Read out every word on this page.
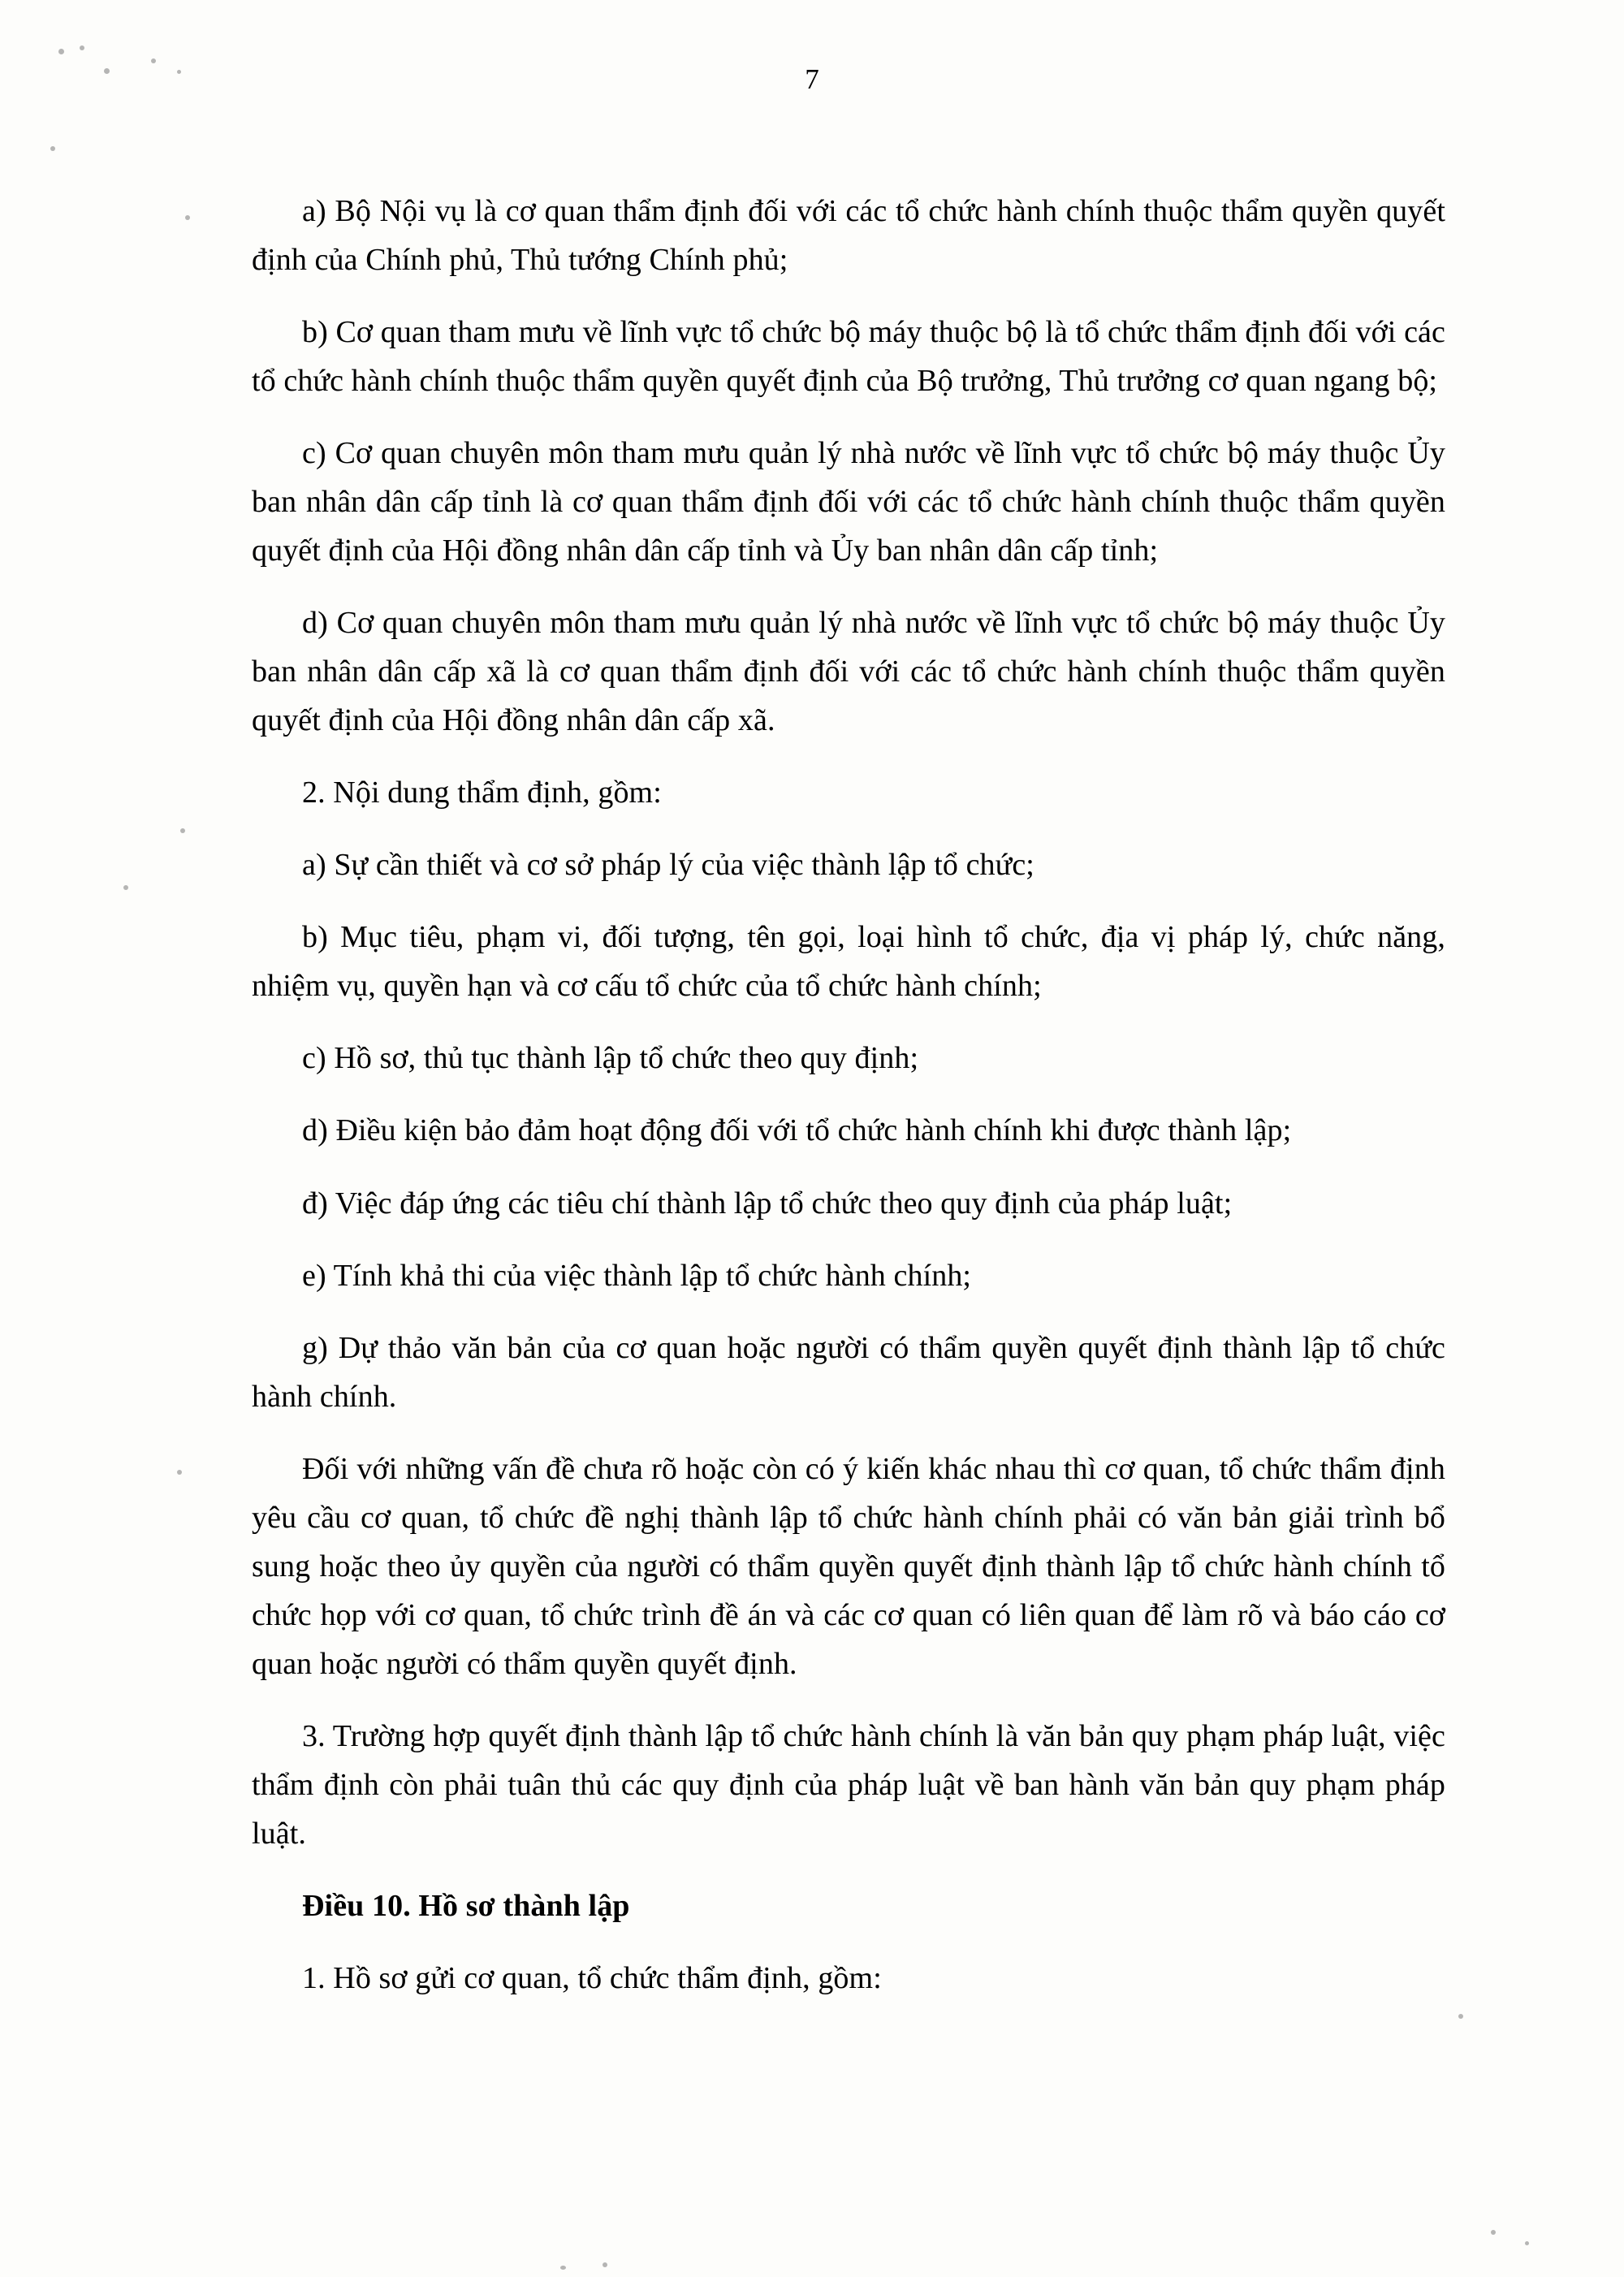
7

a) Bộ Nội vụ là cơ quan thẩm định đối với các tổ chức hành chính thuộc thẩm quyền quyết định của Chính phủ, Thủ tướng Chính phủ;

b) Cơ quan tham mưu về lĩnh vực tổ chức bộ máy thuộc bộ là tổ chức thẩm định đối với các tổ chức hành chính thuộc thẩm quyền quyết định của Bộ trưởng, Thủ trưởng cơ quan ngang bộ;

c) Cơ quan chuyên môn tham mưu quản lý nhà nước về lĩnh vực tổ chức bộ máy thuộc Ủy ban nhân dân cấp tỉnh là cơ quan thẩm định đối với các tổ chức hành chính thuộc thẩm quyền quyết định của Hội đồng nhân dân cấp tỉnh và Ủy ban nhân dân cấp tỉnh;

d) Cơ quan chuyên môn tham mưu quản lý nhà nước về lĩnh vực tổ chức bộ máy thuộc Ủy ban nhân dân cấp xã là cơ quan thẩm định đối với các tổ chức hành chính thuộc thẩm quyền quyết định của Hội đồng nhân dân cấp xã.

2. Nội dung thẩm định, gồm:

a) Sự cần thiết và cơ sở pháp lý của việc thành lập tổ chức;

b) Mục tiêu, phạm vi, đối tượng, tên gọi, loại hình tổ chức, địa vị pháp lý, chức năng, nhiệm vụ, quyền hạn và cơ cấu tổ chức của tổ chức hành chính;

c) Hồ sơ, thủ tục thành lập tổ chức theo quy định;

d) Điều kiện bảo đảm hoạt động đối với tổ chức hành chính khi được thành lập;

đ) Việc đáp ứng các tiêu chí thành lập tổ chức theo quy định của pháp luật;

e) Tính khả thi của việc thành lập tổ chức hành chính;

g) Dự thảo văn bản của cơ quan hoặc người có thẩm quyền quyết định thành lập tổ chức hành chính.

Đối với những vấn đề chưa rõ hoặc còn có ý kiến khác nhau thì cơ quan, tổ chức thẩm định yêu cầu cơ quan, tổ chức đề nghị thành lập tổ chức hành chính phải có văn bản giải trình bổ sung hoặc theo ủy quyền của người có thẩm quyền quyết định thành lập tổ chức hành chính tổ chức họp với cơ quan, tổ chức trình đề án và các cơ quan có liên quan để làm rõ và báo cáo cơ quan hoặc người có thẩm quyền quyết định.

3. Trường hợp quyết định thành lập tổ chức hành chính là văn bản quy phạm pháp luật, việc thẩm định còn phải tuân thủ các quy định của pháp luật về ban hành văn bản quy phạm pháp luật.

Điều 10. Hồ sơ thành lập

1. Hồ sơ gửi cơ quan, tổ chức thẩm định, gồm:
